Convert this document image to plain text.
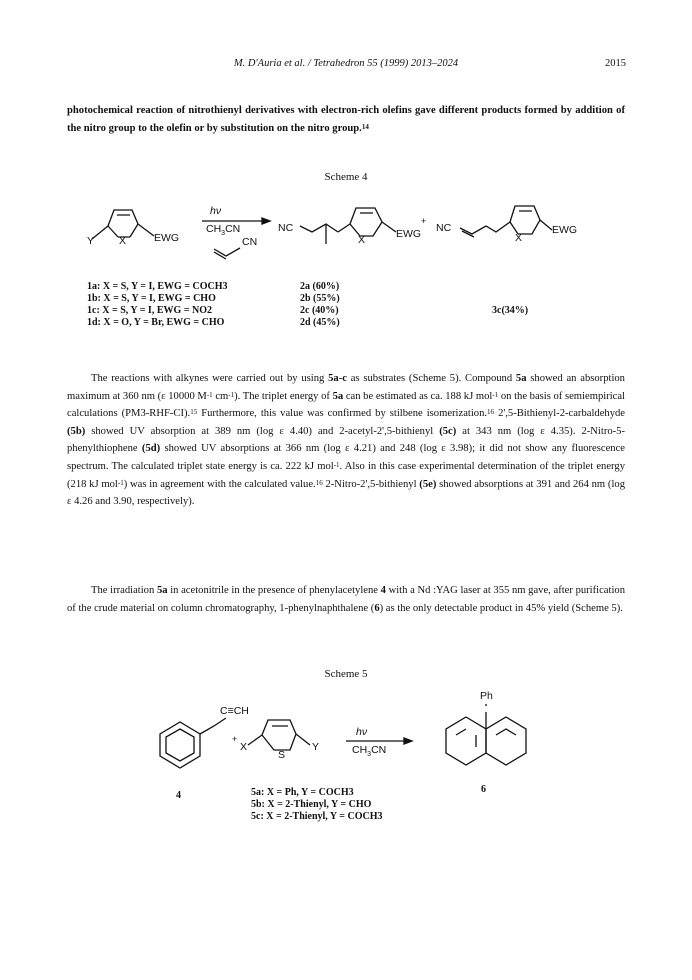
M. D'Auria et al. / Tetrahedron 55 (1999) 2013–2024	2015
photochemical reaction of nitrothienyl derivatives with electron-rich olefins gave different products formed by addition of the nitro group to the olefin or by substitution on the nitro group.$^{14}$
Scheme 4
Y X	EWG
hν
$CH_3CN$
CN
NC
X	EWG
+
NC
X
EWG
1a: X = S, Y = I, EWG = COCH3
1b: X = S, Y = I, EWG = CHO
1c: X = S, Y = I, EWG = NO2
1d: X = O, Y = Br, EWG = CHO
2a (60%)
2b (55%)
2c (40%)
2d (45%)
3c(34%)
The reactions with alkynes were carried out by using 5a-c as substrates (Scheme 5). Compound 5a showed an absorption maximum at 360 nm (ε 10000 $M^{-1}$ $cm^{-1}$). The triplet energy of 5a can be estimated as ca. 188 kJ mol$^{-1}$ on the basis of semiempirical calculations (PM3-RHF-CI).$^{15}$ Furthermore, this value was confirmed by stilbene isomerization.$^{16}$ 2',5-Bithienyl-2-carbaldehyde (5b) showed UV absorption at 389 nm (log ε 4.40) and 2-acetyl-2',5-bithienyl (5c) at 343 nm (log ε 4.35). 2-Nitro-5-phenylthiophene (5d) showed UV absorptions at 366 nm (log ε 4.21) and 248 (log ε 3.98); it did not show any fluorescence spectrum. The calculated triplet state energy is ca. 222 kJ mol$^{-1}$. Also in this case experimental determination of the triplet energy (218 kJ mol$^{-1}$) was in agreement with the calculated value.$^{16}$ 2-Nitro-2',5-bithienyl (5e) showed absorptions at 391 and 264 nm (log ε 4.26 and 3.90, respectively).
The irradiation 5a in acetonitrile in the presence of phenylacetylene 4 with a Nd :YAG laser at 355 nm gave, after purification of the crude material on column chromatography, 1-phenylnaphthalene (6) as the only detectable product in 45% yield (Scheme 5).
Scheme 5
C≡CH
+
X
S
Y
hν
$CH_3CN$
Ph
4
6
5a: X = Ph, Y = COCH3
5b: X = 2-Thienyl, Y = CHO
5c: X = 2-Thienyl, Y = COCH3
